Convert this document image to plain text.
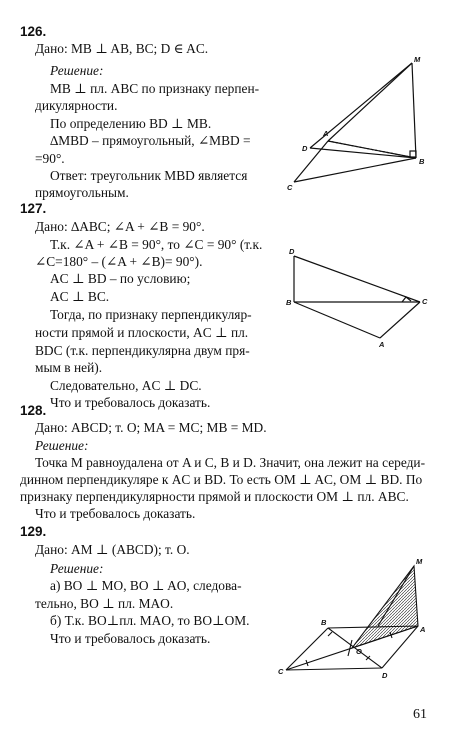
126.
Дано: MB ⊥ AB, BC; D ∈ AC.
Решение:
MB ⊥ пл. ABC по признаку перпен-
дикулярности.
По определению BD ⊥ MB.
∆MBD – прямоугольный, ∠MBD =
=90°.
Ответ: треугольник MBD является
прямоугольным.
M
A
D
B
C
127.
Дано: ∆ABC; ∠A + ∠B = 90°.
Т.к. ∠A + ∠B = 90°, то ∠C = 90° (т.к.
∠C=180° – (∠A + ∠B)= 90°).
AC ⊥ BD – по условию;
AC ⊥ BC.
Тогда, по признаку перпендикуляр-
ности прямой и плоскости, AC ⊥ пл.
BDC (т.к. перпендикулярна двум пря-
мым в ней).
Следовательно, AC ⊥ DC.
Что и требовалось доказать.
D
B	C
A
128.
Дано: ABCD; т. O; MA = MC; MB = MD.
Решение:
Точка M равноудалена от A и C, B и D. Значит, она лежит на середи-
динном перпендикуляре к AC и BD. То есть OM ⊥ AC, OM ⊥ BD. По
признаку перпендикулярности прямой и плоскости OM ⊥ пл. ABC.
Что и требовалось доказать.
129.
Дано: AM ⊥ (ABCD); т. O.
Решение:
а) BO ⊥ MO, BO ⊥ AO, следова-
тельно, BO ⊥ пл. MAO.
б) Т.к. BO⊥пл. MAO, то BO⊥OM.
Что и требовалось доказать.
M
B
A
O
C	D
61
